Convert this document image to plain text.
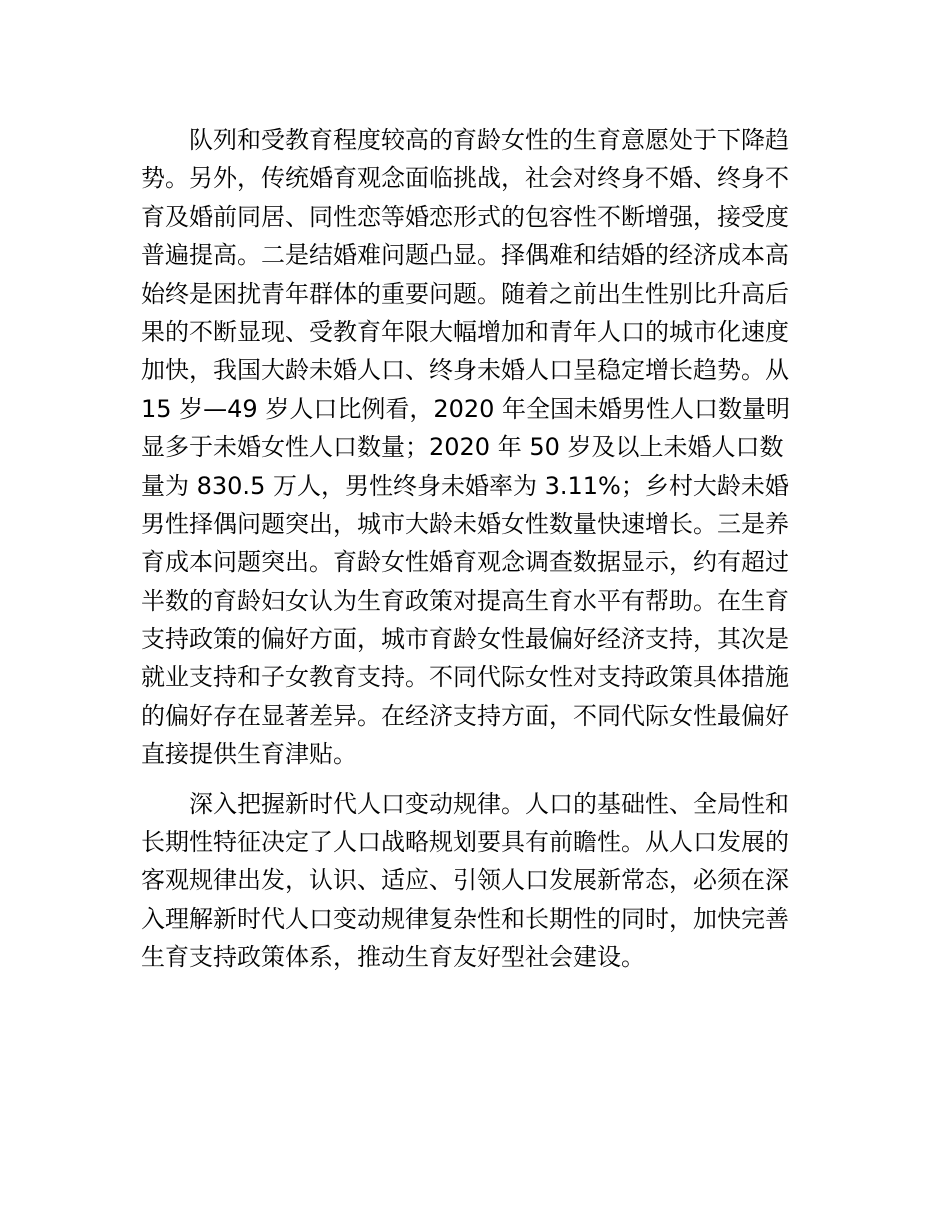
队列和受教育程度较高的育龄女性的生育意愿处于下降趋
势。另外，传统婚育观念面临挑战，社会对终身不婚、终身不
育及婚前同居、同性恋等婚恋形式的包容性不断增强，接受度
普遍提高。二是结婚难问题凸显。择偶难和结婚的经济成本高
始终是困扰青年群体的重要问题。随着之前出生性别比升高后
果的不断显现、受教育年限大幅增加和青年人口的城市化速度
加快，我国大龄未婚人口、终身未婚人口呈稳定增长趋势。从
15 岁—49 岁人口比例看，2020 年全国未婚男性人口数量明
显多于未婚女性人口数量；2020 年 50 岁及以上未婚人口数
量为 830.5 万人，男性终身未婚率为 3.11%；乡村大龄未婚
男性择偶问题突出，城市大龄未婚女性数量快速增长。三是养
育成本问题突出。育龄女性婚育观念调查数据显示，约有超过
半数的育龄妇女认为生育政策对提高生育水平有帮助。在生育
支持政策的偏好方面，城市育龄女性最偏好经济支持，其次是
就业支持和子女教育支持。不同代际女性对支持政策具体措施
的偏好存在显著差异。在经济支持方面，不同代际女性最偏好
直接提供生育津贴。
深入把握新时代人口变动规律。人口的基础性、全局性和
长期性特征决定了人口战略规划要具有前瞻性。从人口发展的
客观规律出发，认识、适应、引领人口发展新常态，必须在深
入理解新时代人口变动规律复杂性和长期性的同时，加快完善
生育支持政策体系，推动生育友好型社会建设。
